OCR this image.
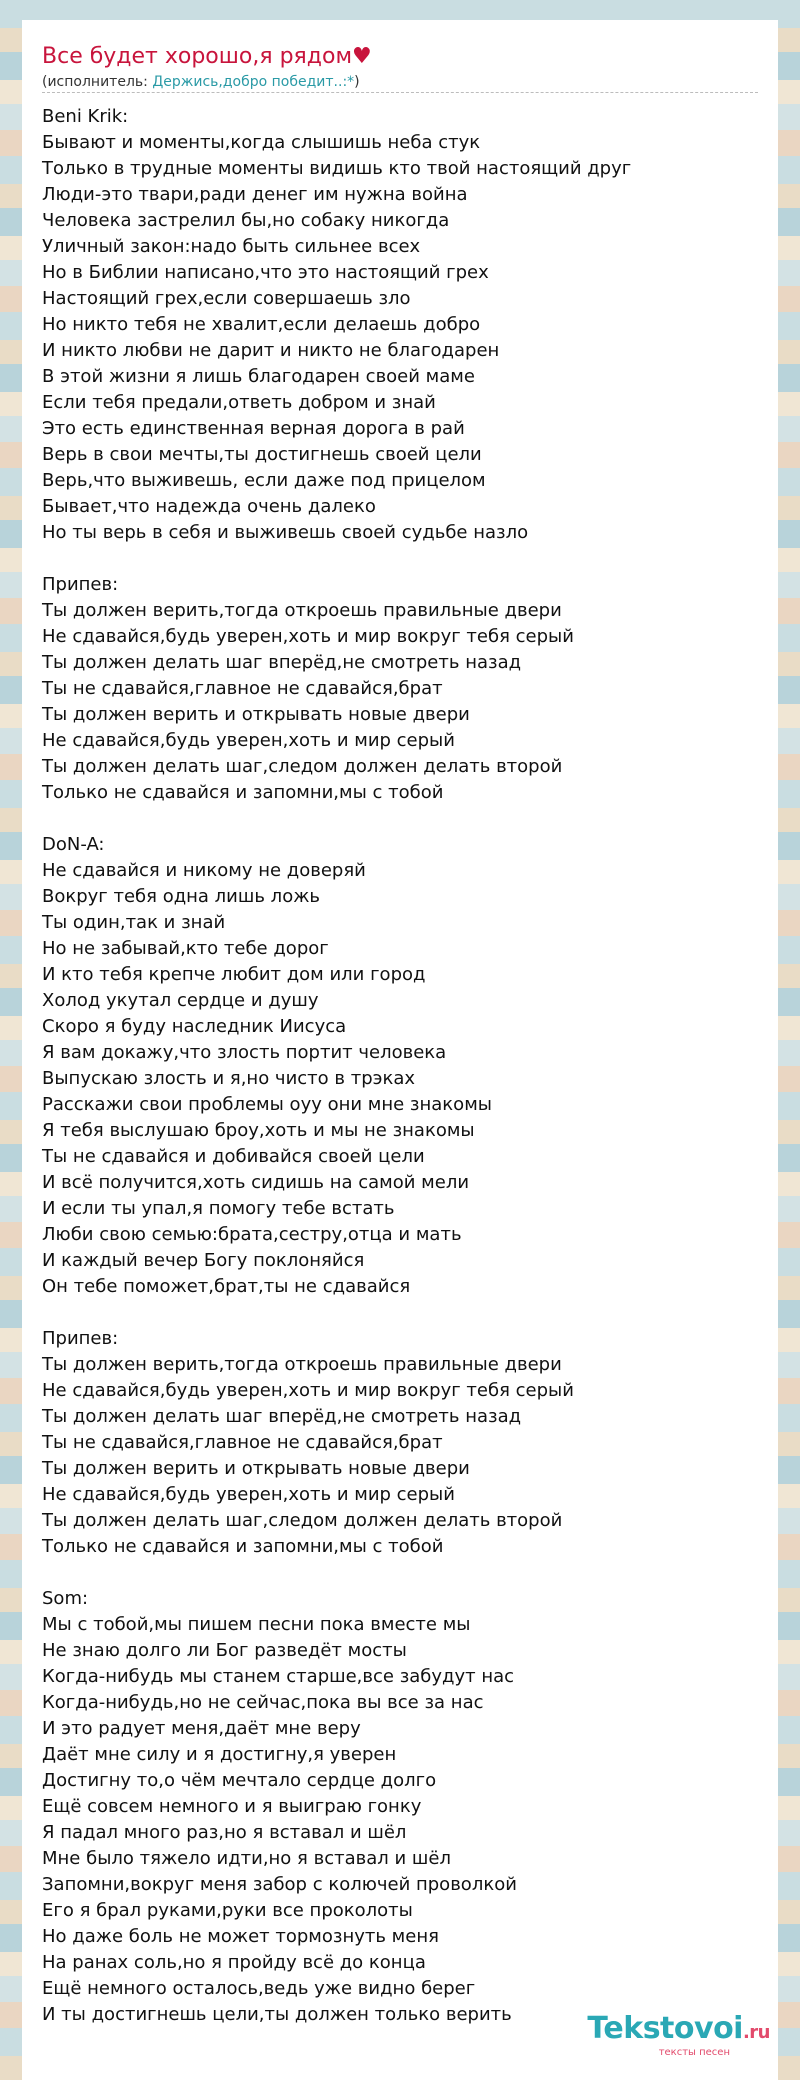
Все будет хорошо,я рядом♥
(исполнитель: Держись,добро победит..:*)
Beni Krik:
Бывают и моменты,когда слышишь неба стук
Только в трудные моменты видишь кто твой настоящий друг
Люди-это твари,ради денег им нужна война
Человека застрелил бы,но собаку никогда
Уличный закон:надо быть сильнее всех
Но в Библии написано,что это настоящий грех
Настоящий грех,если совершаешь зло
Но никто тебя не хвалит,если делаешь добро
И никто любви не дарит и никто не благодарен
В этой жизни я лишь благодарен своей маме
Если тебя предали,ответь добром и знай
Это есть единственная верная дорога в рай
Верь в свои мечты,ты достигнешь своей цели
Верь,что выживешь, если даже под прицелом
Бывает,что надежда очень далеко
Но ты верь в себя и выживешь своей судьбе назло
Припев:
Ты должен верить,тогда откроешь правильные двери
Не сдавайся,будь уверен,хоть и мир вокруг тебя серый
Ты должен делать шаг вперёд,не смотреть назад
Ты не сдавайся,главное не сдавайся,брат
Ты должен верить и открывать новые двери
Не сдавайся,будь уверен,хоть и мир серый
Ты должен делать шаг,следом должен делать второй
Только не сдавайся и запомни,мы с тобой
DoN-A:
Не сдавайся и никому не доверяй
Вокруг тебя одна лишь ложь
Ты один,так и знай
Но не забывай,кто тебе дорог
И кто тебя крепче любит дом или город
Холод укутал сердце и душу
Скоро я буду наследник Иисуса
Я вам докажу,что злость портит человека
Выпускаю злость и я,но чисто в трэках
Расскажи свои проблемы оуу они мне знакомы
Я тебя выслушаю броу,хоть и мы не знакомы
Ты не сдавайся и добивайся своей цели
И всё получится,хоть сидишь на самой мели
И если ты упал,я помогу тебе встать
Люби свою семью:брата,сестру,отца и мать
И каждый вечер Богу поклоняйся
Он тебе поможет,брат,ты не сдавайся
Припев:
Ты должен верить,тогда откроешь правильные двери
Не сдавайся,будь уверен,хоть и мир вокруг тебя серый
Ты должен делать шаг вперёд,не смотреть назад
Ты не сдавайся,главное не сдавайся,брат
Ты должен верить и открывать новые двери
Не сдавайся,будь уверен,хоть и мир серый
Ты должен делать шаг,следом должен делать второй
Только не сдавайся и запомни,мы с тобой
Som:
Мы с тобой,мы пишем песни пока вместе мы
Не знаю долго ли Бог разведёт мосты
Когда-нибудь мы станем старше,все забудут нас
Когда-нибудь,но не сейчас,пока вы все за нас
И это радует меня,даёт мне веру
Даёт мне силу и я достигну,я уверен
Достигну то,о чём мечтало сердце долго
Ещё совсем немного и я выиграю гонку
Я падал много раз,но я вставал и шёл
Мне было тяжело идти,но я вставал и шёл
Запомни,вокруг меня забор с колючей проволкой
Его я брал руками,руки все проколоты
Но даже боль не может тормознуть меня
На ранах соль,но я пройду всё до конца
Ещё немного осталось,ведь уже видно берег
И ты достигнешь цели,ты должен только верить	Tekstovoi.ru
тексты песен
